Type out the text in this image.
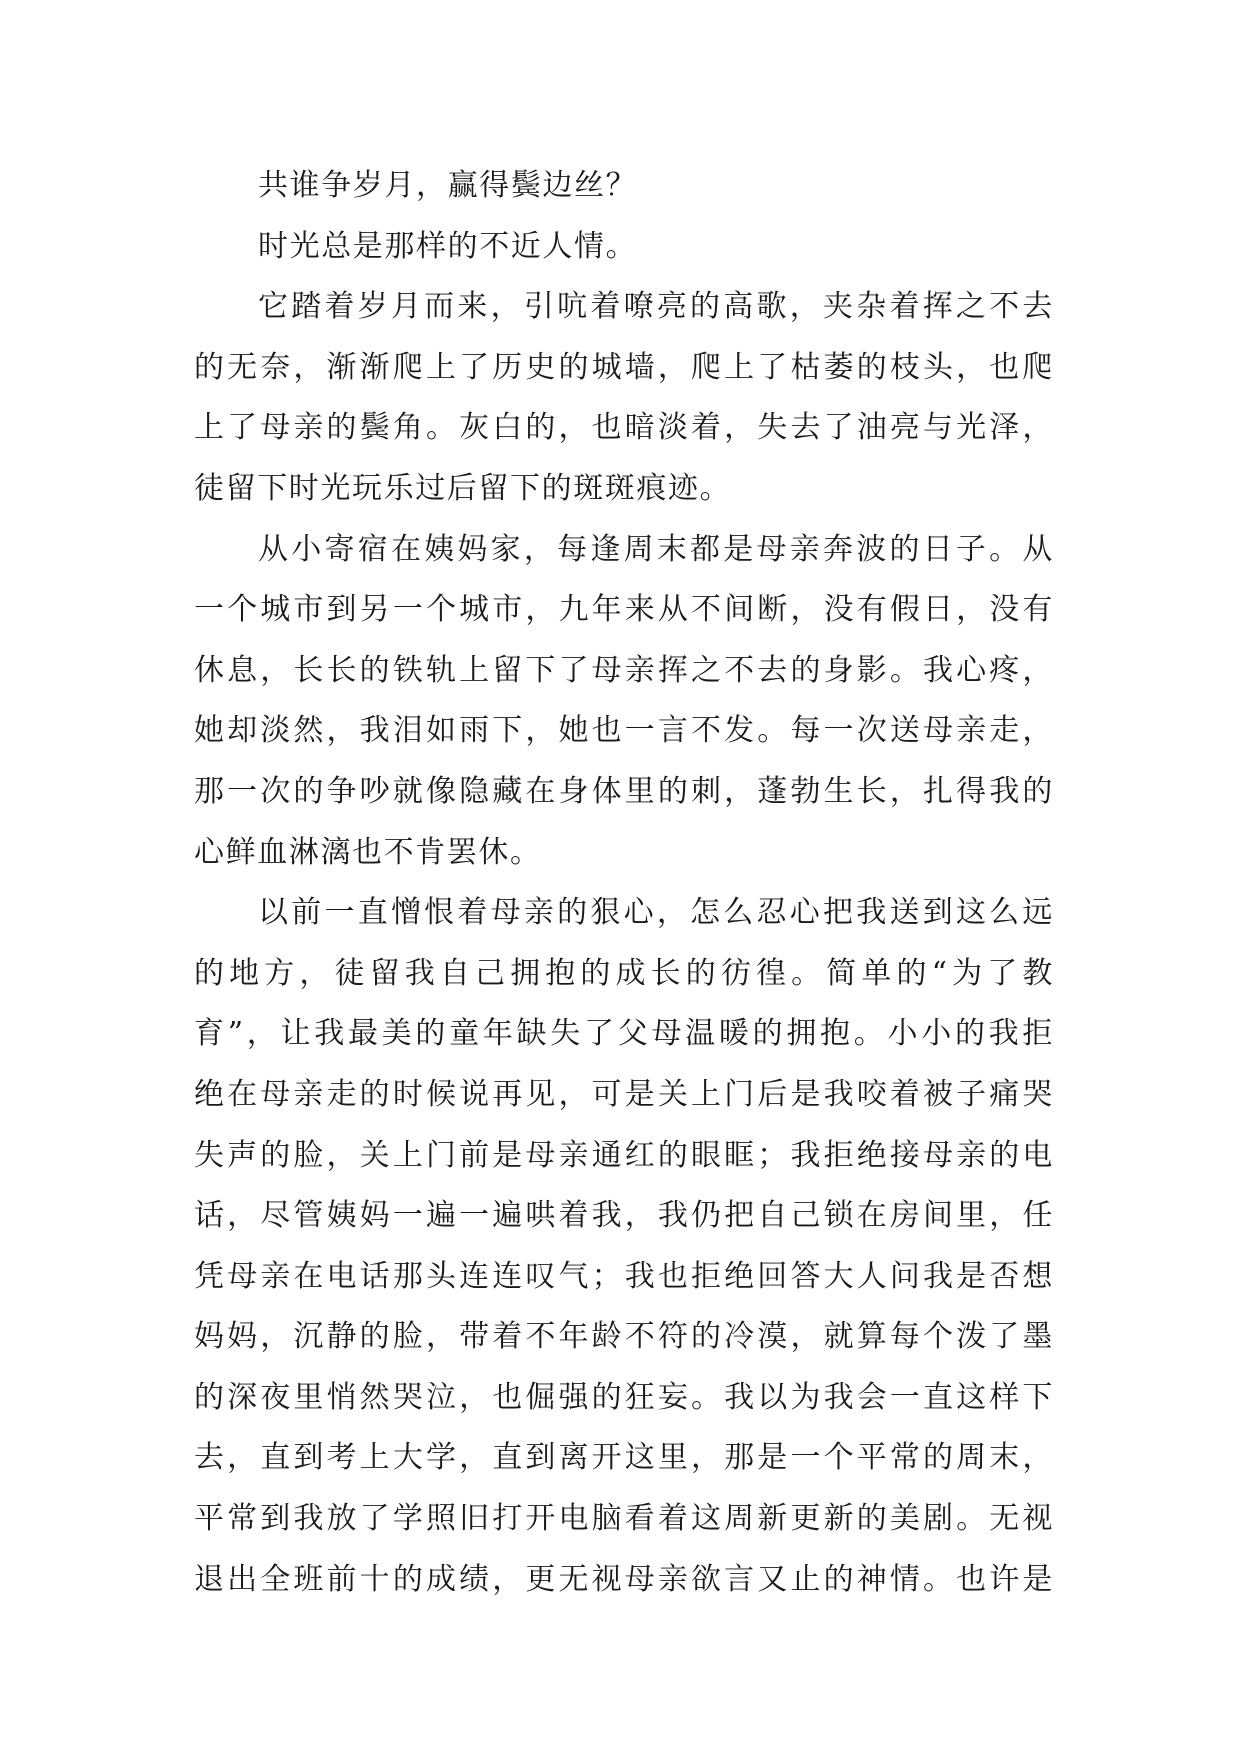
共谁争岁月，赢得鬓边丝？
时光总是那样的不近人情。
它踏着岁月而来，引吭着嘹亮的高歌，夹杂着挥之不去
的无奈，渐渐爬上了历史的城墙，爬上了枯萎的枝头，也爬
上了母亲的鬓角。灰白的，也暗淡着，失去了油亮与光泽，
徒留下时光玩乐过后留下的斑斑痕迹。
从小寄宿在姨妈家，每逢周末都是母亲奔波的日子。从
一个城市到另一个城市，九年来从不间断，没有假日，没有
休息，长长的铁轨上留下了母亲挥之不去的身影。我心疼，
她却淡然，我泪如雨下，她也一言不发。每一次送母亲走，
那一次的争吵就像隐藏在身体里的刺，蓬勃生长，扎得我的
心鲜血淋漓也不肯罢休。
以前一直憎恨着母亲的狠心，怎么忍心把我送到这么远
的地方，徒留我自己拥抱的成长的彷徨。简单的“为了教
育”，让我最美的童年缺失了父母温暖的拥抱。小小的我拒
绝在母亲走的时候说再见，可是关上门后是我咬着被子痛哭
失声的脸，关上门前是母亲通红的眼眶；我拒绝接母亲的电
话，尽管姨妈一遍一遍哄着我，我仍把自己锁在房间里，任
凭母亲在电话那头连连叹气；我也拒绝回答大人问我是否想
妈妈，沉静的脸，带着不年龄不符的冷漠，就算每个泼了墨
的深夜里悄然哭泣，也倔强的狂妄。我以为我会一直这样下
去，直到考上大学，直到离开这里，那是一个平常的周末，
平常到我放了学照旧打开电脑看着这周新更新的美剧。无视
退出全班前十的成绩，更无视母亲欲言又止的神情。也许是
